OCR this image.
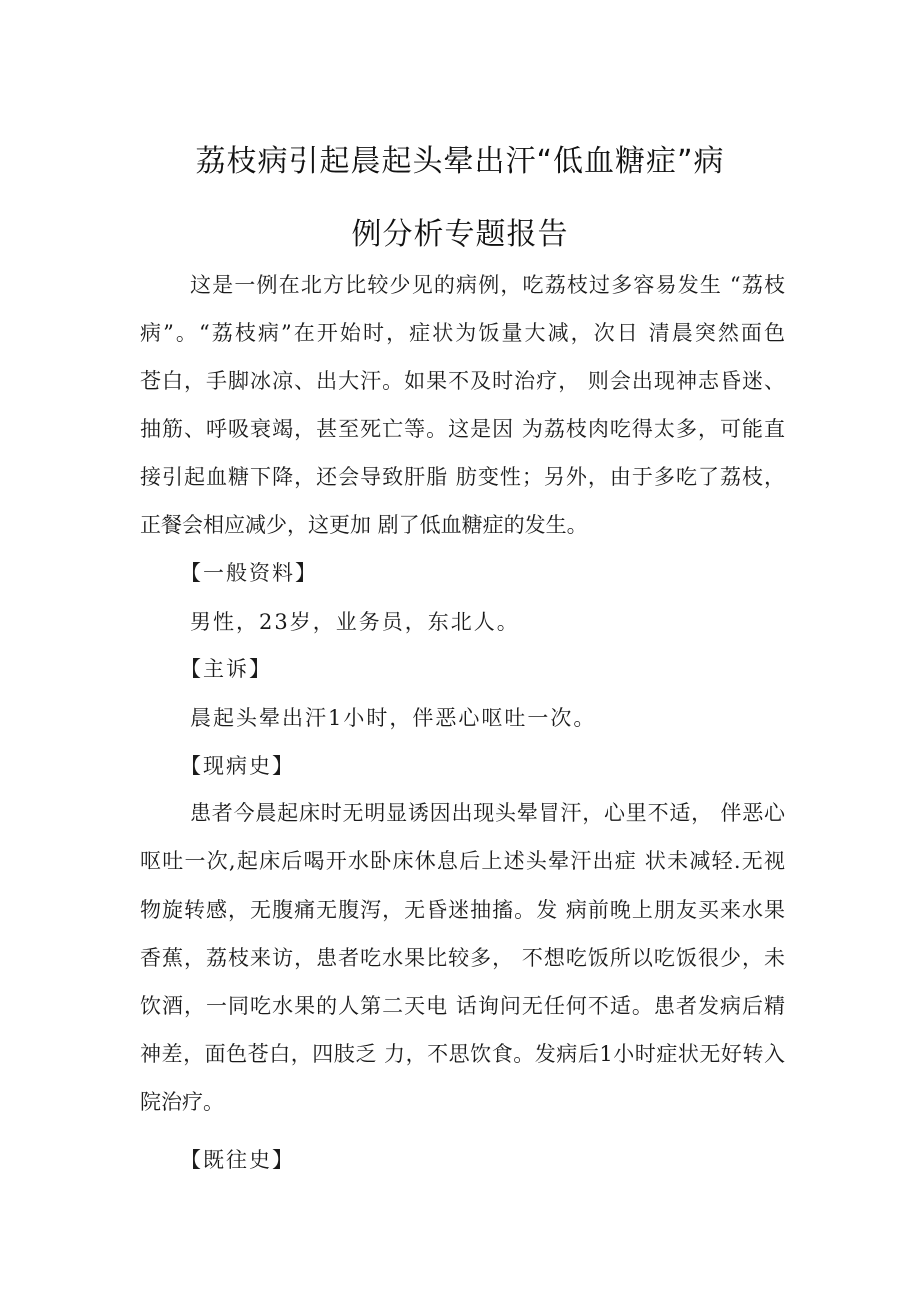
荔枝病引起晨起头晕出汗“低血糖症”病
例分析专题报告
这是一例在北方比较少见的病例，吃荔枝过多容易发生 “荔枝
病”。“荔枝病”在开始时，症状为饭量大减，次日 清晨突然面色
苍白，手脚冰凉、出大汗。如果不及时治疗， 则会出现神志昏迷、
抽筋、呼吸衰竭，甚至死亡等。这是因 为荔枝肉吃得太多，可能直
接引起血糖下降，还会导致肝脂 肪变性；另外，由于多吃了荔枝，
正餐会相应减少，这更加 剧了低血糖症的发生。
【一般资料】
男性，23岁，业务员，东北人。
【主诉】
晨起头晕出汗1小时，伴恶心呕吐一次。
【现病史】
患者今晨起床时无明显诱因出现头晕冒汗，心里不适， 伴恶心
呕吐一次,起床后喝开水卧床休息后上述头晕汗出症 状未减轻.无视
物旋转感，无腹痛无腹泻，无昏迷抽搐。发 病前晚上朋友买来水果
香蕉，荔枝来访，患者吃水果比较多， 不想吃饭所以吃饭很少，未
饮酒，一同吃水果的人第二天电 话询问无任何不适。患者发病后精
神差，面色苍白，四肢乏 力，不思饮食。发病后1小时症状无好转入
院治疗。
【既往史】
